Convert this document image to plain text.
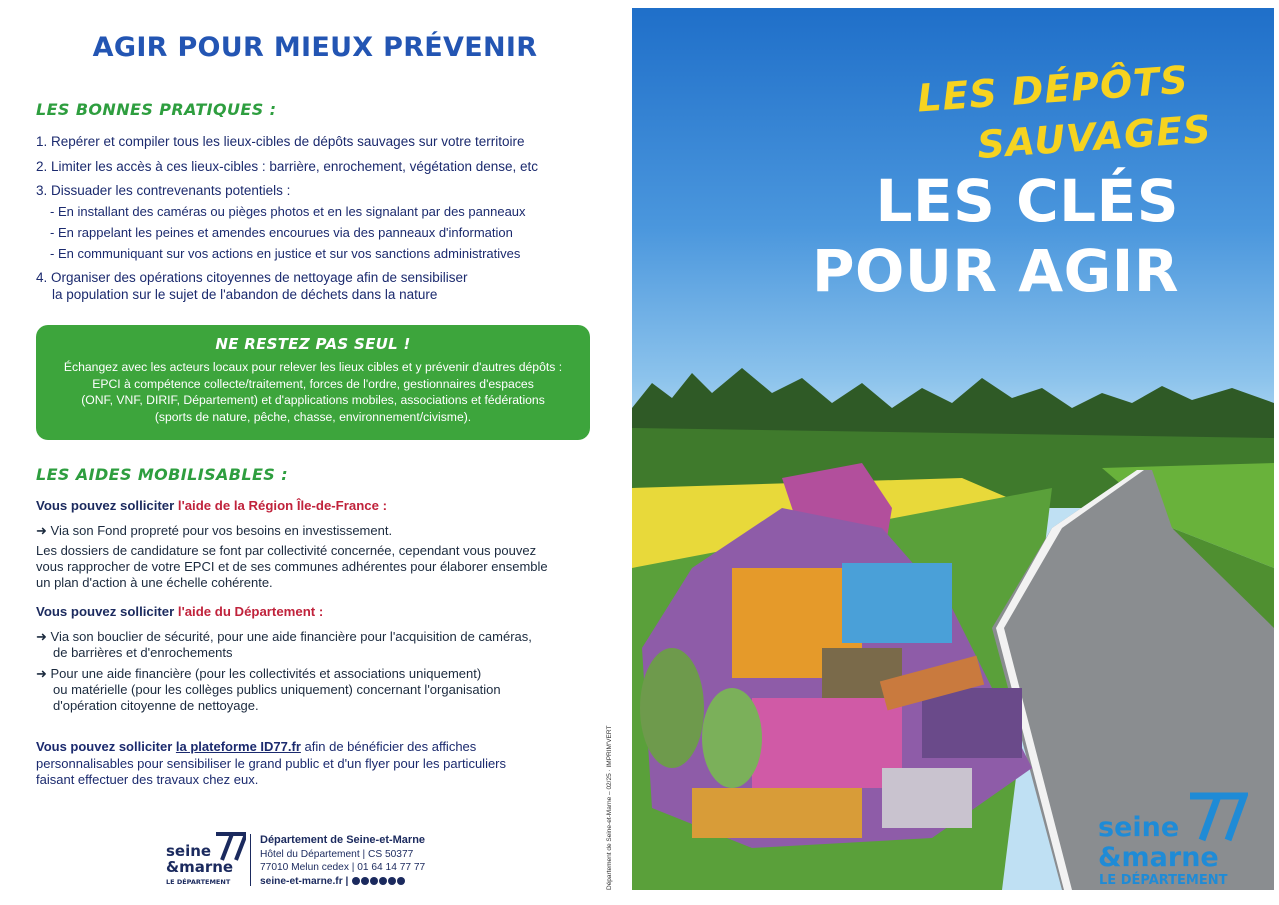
AGIR POUR MIEUX PRÉVENIR
LES BONNES PRATIQUES :
1. Repérer et compiler tous les lieux-cibles de dépôts sauvages sur votre territoire
2. Limiter les accès à ces lieux-cibles : barrière, enrochement, végétation dense, etc
3. Dissuader les contrevenants potentiels :
- En installant des caméras ou pièges photos et en les signalant par des panneaux
- En rappelant les peines et amendes encourues via des panneaux d'information
- En communiquant sur vos actions en justice et sur vos sanctions administratives
4. Organiser des opérations citoyennes de nettoyage afin de sensibiliser
la population sur le sujet de l'abandon de déchets dans la nature
NE RESTEZ PAS SEUL !
Échangez avec les acteurs locaux pour relever les lieux cibles et y prévenir d'autres dépôts :
EPCI à compétence collecte/traitement, forces de l'ordre, gestionnaires d'espaces
(ONF, VNF, DIRIF, Département) et d'applications mobiles, associations et fédérations
(sports de nature, pêche, chasse, environnement/civisme).
LES AIDES MOBILISABLES :
Vous pouvez solliciter l'aide de la Région Île-de-France :
➜ Via son Fond propreté pour vos besoins en investissement.
Les dossiers de candidature se font par collectivité concernée, cependant vous pouvez
vous rapprocher de votre EPCI et de ses communes adhérentes pour élaborer ensemble
un plan d'action à une échelle cohérente.
Vous pouvez solliciter l'aide du Département :
➜ Via son bouclier de sécurité, pour une aide financière pour l'acquisition de caméras,
de barrières et d'enrochements
➜ Pour une aide financière (pour les collectivités et associations uniquement)
ou matérielle (pour les collèges publics uniquement) concernant l'organisation
d'opération citoyenne de nettoyage.
Vous pouvez solliciter la plateforme ID77.fr afin de bénéficier des affiches
personnalisables pour sensibiliser le grand public et d'un flyer pour les particuliers
faisant effectuer des travaux chez eux.
seine
&marne
LE DÉPARTEMENT
Département de Seine-et-Marne
Hôtel du Département | CS 50377
77010 Melun cedex | 01 64 14 77 77
seine-et-marne.fr |	Département de Seine-et-Marne – 02/25 · IMPRIM'VERT
LES DÉPÔTS
SAUVAGES
LES CLÉS
POUR AGIR
seine
&marne
LE DÉPARTEMENT
